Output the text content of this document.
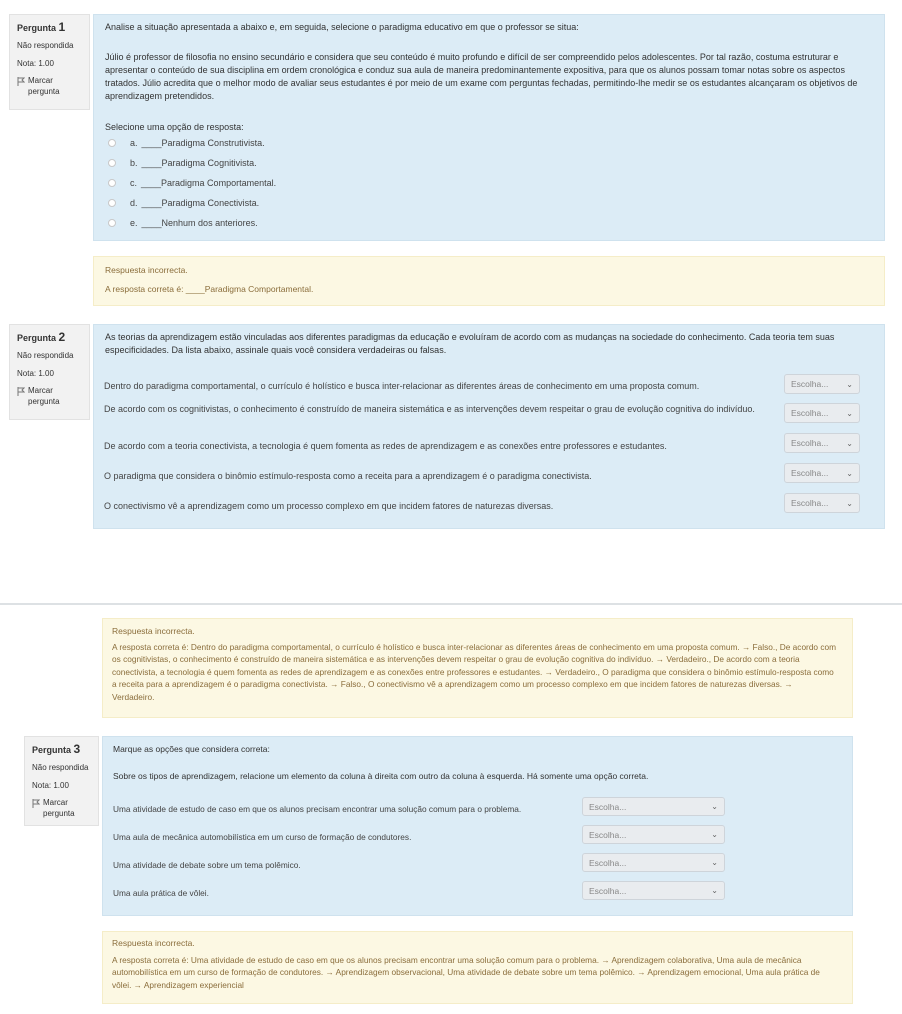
Pergunta 1
Não respondida
Nota: 1.00
Marcar pergunta

Analise a situação apresentada a abaixo e, em seguida, selecione o paradigma educativo em que o professor se situa:

Júlio é professor de filosofia no ensino secundário e considera que seu conteúdo é muito profundo e difícil de ser compreendido pelos adolescentes. Por tal razão, costuma estruturar e apresentar o conteúdo de sua disciplina em ordem cronológica e conduz sua aula de maneira predominantemente expositiva, para que os alunos possam tomar notas sobre os aspectos tratados. Júlio acredita que o melhor modo de avaliar seus estudantes é por meio de um exame com perguntas fechadas, permitindo-lhe medir se os estudantes alcançaram os objetivos de aprendizagem pretendidos.

Selecione uma opção de resposta:

a. ____Paradigma Construtivista.
b. ____Paradigma Cognitivista.
c. ____Paradigma Comportamental.
d. ____Paradigma Conectivista.
e. ____Nenhum dos anteriores.

Respuesta incorrecta.

A resposta correta é: ____Paradigma Comportamental.

Pergunta 2
Não respondida
Nota: 1.00
Marcar pergunta

As teorias da aprendizagem estão vinculadas aos diferentes paradigmas da educação e evoluíram de acordo com as mudanças na sociedade do conhecimento. Cada teoria tem suas especificidades. Da lista abaixo, assinale quais você considera verdadeiras ou falsas.

Dentro do paradigma comportamental, o currículo é holístico e busca inter-relacionar as diferentes áreas de conhecimento em uma proposta comum.	Escolha... ⌄
De acordo com os cognitivistas, o conhecimento é construído de maneira sistemática e as intervenções devem respeitar o grau de evolução cognitiva do indivíduo.	Escolha... ⌄
De acordo com a teoria conectivista, a tecnologia é quem fomenta as redes de aprendizagem e as conexões entre professores e estudantes.	Escolha... ⌄
O paradigma que considera o binômio estímulo-resposta como a receita para a aprendizagem é o paradigma conectivista.	Escolha... ⌄
O conectivismo vê a aprendizagem como um processo complexo em que incidem fatores de naturezas diversas.	Escolha... ⌄

Respuesta incorrecta.

A resposta correta é: Dentro do paradigma comportamental, o currículo é holístico e busca inter-relacionar as diferentes áreas de conhecimento em uma proposta comum. → Falso., De acordo com os cognitivistas, o conhecimento é construído de maneira sistemática e as intervenções devem respeitar o grau de evolução cognitiva do indivíduo. → Verdadeiro., De acordo com a teoria conectivista, a tecnologia é quem fomenta as redes de aprendizagem e as conexões entre professores e estudantes. → Verdadeiro., O paradigma que considera o binômio estímulo-resposta como a receita para a aprendizagem é o paradigma conectivista. → Falso., O conectivismo vê a aprendizagem como um processo complexo em que incidem fatores de naturezas diversas. → Verdadeiro.

Pergunta 3
Não respondida
Nota: 1.00
Marcar pergunta

Marque as opções que considera correta:

Sobre os tipos de aprendizagem, relacione um elemento da coluna à direita com outro da coluna à esquerda. Há somente uma opção correta.

Uma atividade de estudo de caso em que os alunos precisam encontrar uma solução comum para o problema.	Escolha...	⌄
Uma aula de mecânica automobilística em um curso de formação de condutores.	Escolha...	⌄
Uma atividade de debate sobre um tema polêmico.	Escolha...	⌄
Uma aula prática de vôlei.	Escolha...	⌄

Respuesta incorrecta.

A resposta correta é: Uma atividade de estudo de caso em que os alunos precisam encontrar uma solução comum para o problema. → Aprendizagem colaborativa, Uma aula de mecânica automobilística em um curso de formação de condutores. → Aprendizagem observacional, Uma atividade de debate sobre um tema polêmico. → Aprendizagem emocional, Uma aula prática de vôlei. → Aprendizagem experiencial
